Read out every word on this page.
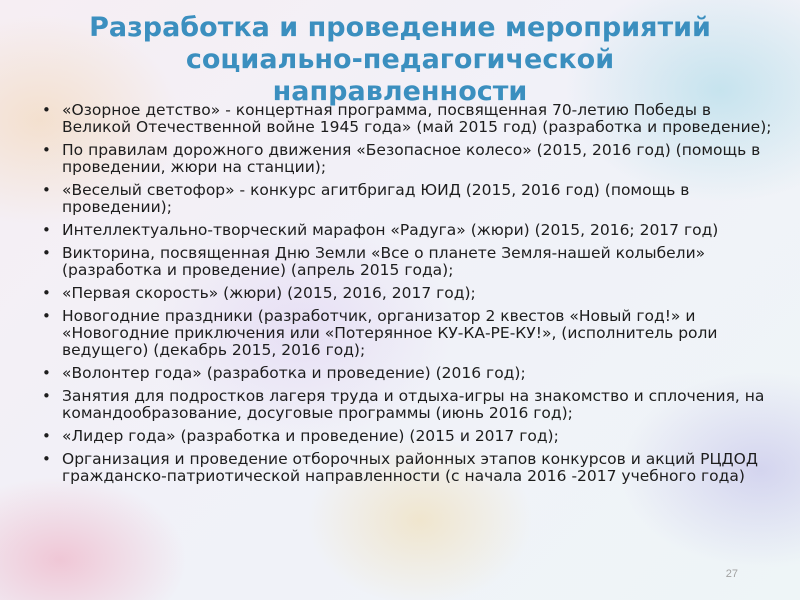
Разработка и проведение мероприятий
социально-педагогической
направленности
• «Озорное детство» - концертная программа, посвященная 70-летию Победы в Великой Отечественной войне 1945 года» (май 2015 год) (разработка и проведение);
• По правилам дорожного движения «Безопасное колесо» (2015, 2016 год) (помощь в проведении, жюри на станции);
• «Веселый светофор» - конкурс агитбригад ЮИД (2015, 2016 год) (помощь в проведении);
• Интеллектуально-творческий марафон «Радуга» (жюри) (2015, 2016; 2017 год)
• Викторина, посвященная Дню Земли «Все о планете Земля-нашей колыбели» (разработка и проведение) (апрель 2015 года);
• «Первая скорость» (жюри) (2015, 2016, 2017 год);
• Новогодние праздники (разработчик, организатор 2 квестов «Новый год!» и «Новогодние приключения или «Потерянное КУ-КА-РЕ-КУ!», (исполнитель роли ведущего) (декабрь 2015, 2016 год);
• «Волонтер года» (разработка и проведение) (2016 год);
• Занятия для подростков лагеря труда и отдыха-игры на знакомство и сплочения, на командообразование, досуговые программы (июнь 2016 год);
• «Лидер года» (разработка и проведение) (2015 и 2017 год);
• Организация и проведение отборочных районных этапов конкурсов и акций РЦДОД гражданско-патриотической направленности (с начала 2016 -2017 учебного года)
27
